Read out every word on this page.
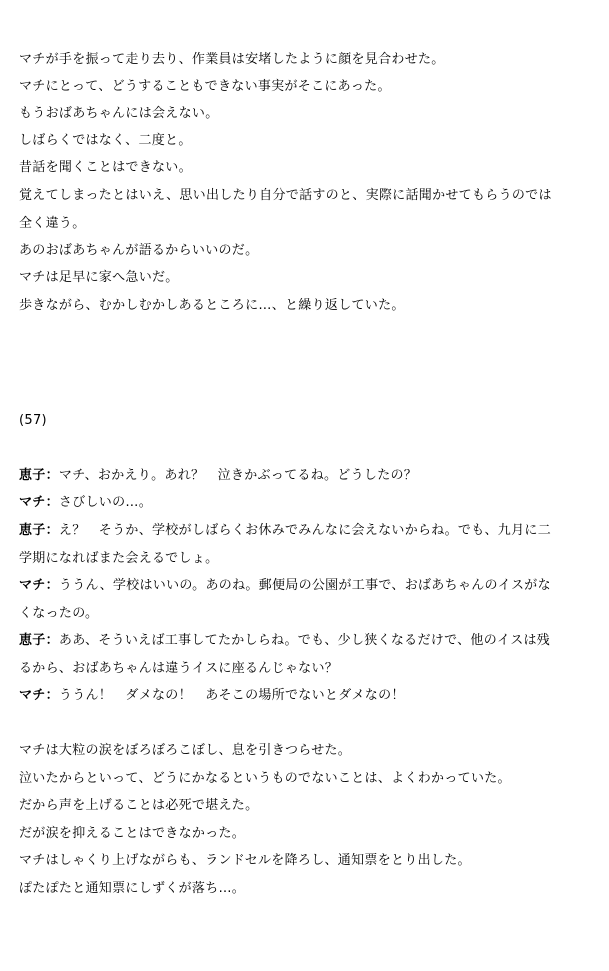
マチが手を振って走り去り、作業員は安堵したように顔を見合わせた。
マチにとって、どうすることもできない事実がそこにあった。
もうおばあちゃんには会えない。
しばらくではなく、二度と。
昔話を聞くことはできない。
覚えてしまったとはいえ、思い出したり自分で話すのと、実際に話聞かせてもらうのでは
全く違う。
あのおばあちゃんが語るからいいのだ。
マチは足早に家へ急いだ。
歩きながら、むかしむかしあるところに…、と繰り返していた。
(57)
恵子：マチ、おかえり。あれ？　泣きかぶってるね。どうしたの？
マチ：さびしいの…。
恵子：え？　そうか、学校がしばらくお休みでみんなに会えないからね。でも、九月に二
学期になればまた会えるでしょ。
マチ：ううん、学校はいいの。あのね。郵便局の公園が工事で、おばあちゃんのイスがな
くなったの。
恵子：ああ、そういえば工事してたかしらね。でも、少し狭くなるだけで、他のイスは残
るから、おばあちゃんは違うイスに座るんじゃない？
マチ：ううん！　ダメなの！　あそこの場所でないとダメなの！
マチは大粒の涙をぼろぼろこぼし、息を引きつらせた。
泣いたからといって、どうにかなるというものでないことは、よくわかっていた。
だから声を上げることは必死で堪えた。
だが涙を抑えることはできなかった。
マチはしゃくり上げながらも、ランドセルを降ろし、通知票をとり出した。
ぽたぽたと通知票にしずくが落ち…。
